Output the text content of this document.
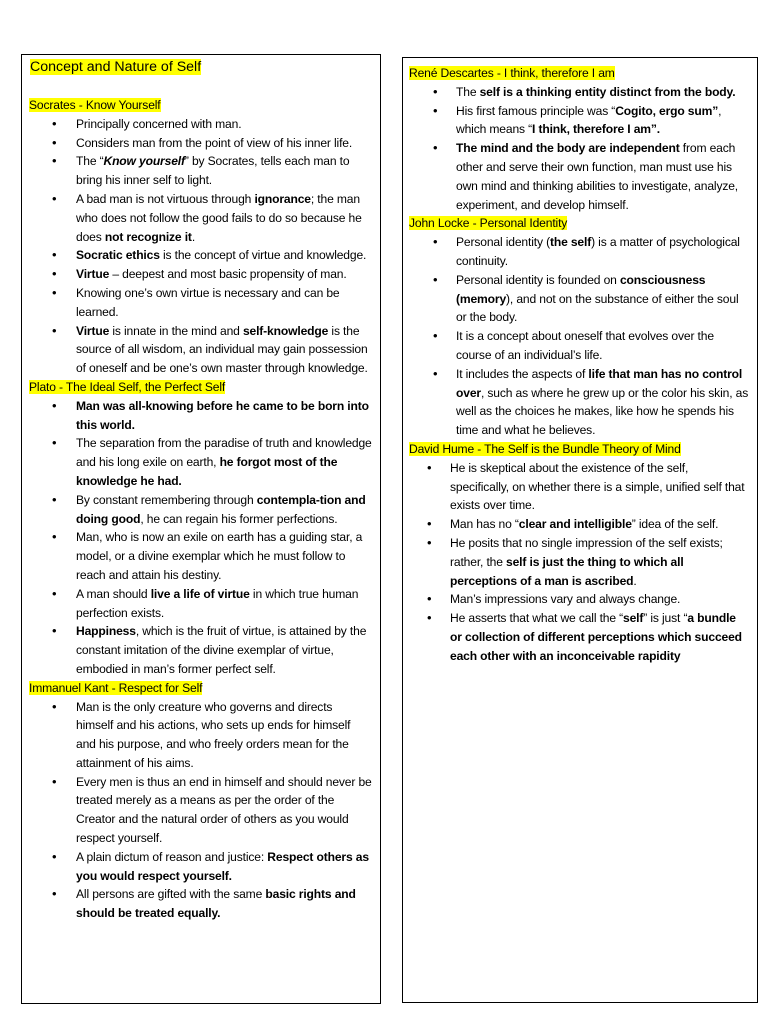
Concept and Nature of Self
Socrates - Know Yourself
• Principally concerned with man.
• Considers man from the point of view of his inner life.
• The “Know yourself” by Socrates, tells each man to bring his inner self to light.
• A bad man is not virtuous through ignorance; the man who does not follow the good fails to do so because he does not recognize it.
• Socratic ethics is the concept of virtue and knowledge.
• Virtue – deepest and most basic propensity of man.
• Knowing one’s own virtue is necessary and can be learned.
• Virtue is innate in the mind and self-knowledge is the source of all wisdom, an individual may gain possession of oneself and be one’s own master through knowledge.
Plato - The Ideal Self, the Perfect Self
• Man was all-knowing before he came to be born into this world.
• The separation from the paradise of truth and knowledge and his long exile on earth, he forgot most of the knowledge he had.
• By constant remembering through contempla-tion and doing good, he can regain his former perfections.
• Man, who is now an exile on earth has a guiding star, a model, or a divine exemplar which he must follow to reach and attain his destiny.
• A man should live a life of virtue in which true human perfection exists.
• Happiness, which is the fruit of virtue, is attained by the constant imitation of the divine exemplar of virtue, embodied in man’s former perfect self.
Immanuel Kant - Respect for Self
• Man is the only creature who governs and directs himself and his actions, who sets up ends for himself and his purpose, and who freely orders mean for the attainment of his aims.
• Every men is thus an end in himself and should never be treated merely as a means as per the order of the Creator and the natural order of others as you would respect yourself.
• A plain dictum of reason and justice: Respect others as you would respect yourself.
• All persons are gifted with the same basic rights and should be treated equally.
René Descartes - I think, therefore I am
• The self is a thinking entity distinct from the body.
• His first famous principle was “Cogito, ergo sum”, which means “I think, therefore I am”.
• The mind and the body are independent from each other and serve their own function, man must use his own mind and thinking abilities to investigate, analyze, experiment, and develop himself.
John Locke - Personal Identity
• Personal identity (the self) is a matter of psychological continuity.
• Personal identity is founded on consciousness (memory), and not on the substance of either the soul or the body.
• It is a concept about oneself that evolves over the course of an individual’s life.
• It includes the aspects of life that man has no control over, such as where he grew up or the color his skin, as well as the choices he makes, like how he spends his time and what he believes.
David Hume - The Self is the Bundle Theory of Mind
• He is skeptical about the existence of the self, specifically, on whether there is a simple, unified self that exists over time.
• Man has no “clear and intelligible” idea of the self.
• He posits that no single impression of the self exists; rather, the self is just the thing to which all perceptions of a man is ascribed.
• Man’s impressions vary and always change.
• He asserts that what we call the “self” is just “a bundle or collection of different perceptions which succeed each other with an inconceivable rapidity
